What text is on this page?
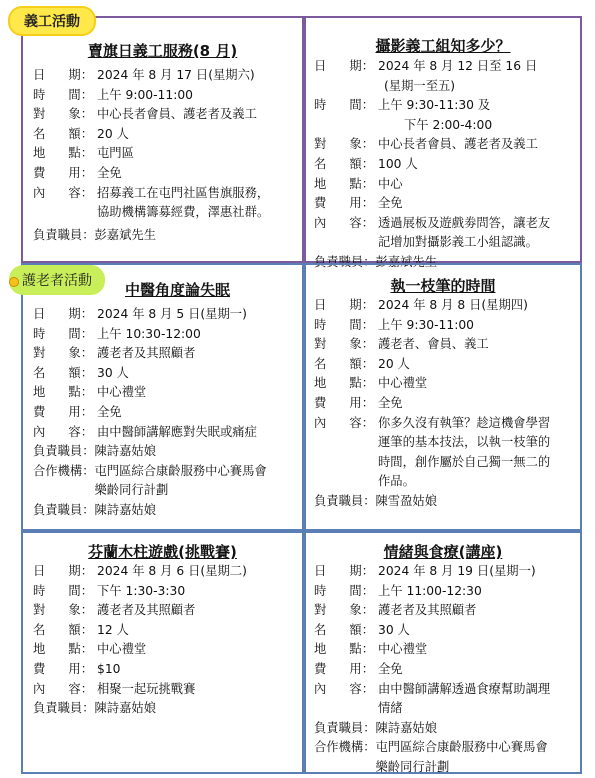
賣旗日義工服務(8 月)
日 期： 2024 年 8 月 17 日(星期六)
時 間： 上午 9:00-11:00
對 象： 中心長者會員、護老者及義工
名 額： 20 人
地 點： 屯門區
費 用： 全免
內 容： 招募義工在屯門社區售旗服務，
協助機構籌募經費，澤惠社群。
負責職員： 彭嘉斌先生
攝影義工組知多少？
日 期： 2024 年 8 月 12 日至 16 日
(星期一至五)
時 間： 上午 9:30-11:30 及
下午 2:00-4:00
對 象： 中心長者會員、護老者及義工
名 額： 100 人
地 點： 中心
費 用： 全免
內 容： 透過展板及遊戲劵問答，讓老友
記增加對攝影義工小組認識。
負責職員： 彭嘉斌先生
中醫角度論失眠
日 期： 2024 年 8 月 5 日(星期一)
時 間： 上午 10:30-12:00
對 象： 護老者及其照顧者
名 額： 30 人
地 點： 中心禮堂
費 用： 全免
內 容： 由中醫師講解應對失眠或痛症
負責職員： 陳詩嘉姑娘
合作機構： 屯門區綜合康齡服務中心賽馬會
樂齡同行計劃
負責職員： 陳詩嘉姑娘
執一枝筆的時間
日 期： 2024 年 8 月 8 日(星期四)
時 間： 上午 9:30-11:00
對 象： 護老者、會員、義工
名 額： 20 人
地 點： 中心禮堂
費 用： 全免
內 容： 你多久沒有執筆？趁這機會學習
運筆的基本技法，以執一枝筆的
時間，創作屬於自己獨一無二的
作品。
負責職員： 陳雪盈姑娘
芬蘭木柱遊戲(挑戰賽)
日 期： 2024 年 8 月 6 日(星期二)
時 間： 下午 1:30-3:30
對 象： 護老者及其照顧者
名 額： 12 人
地 點： 中心禮堂
費 用： $10
內 容： 相聚一起玩挑戰賽
負責職員： 陳詩嘉姑娘
情緒與食療(講座)
日 期： 2024 年 8 月 19 日(星期一)
時 間： 上午 11:00-12:30
對 象： 護老者及其照顧者
名 額： 30 人
地 點： 中心禮堂
費 用： 全免
內 容： 由中醫師講解透過食療幫助調理
情緒
負責職員： 陳詩嘉姑娘
合作機構： 屯門區綜合康齡服務中心賽馬會
樂齡同行計劃
義工活動
護老者活動
